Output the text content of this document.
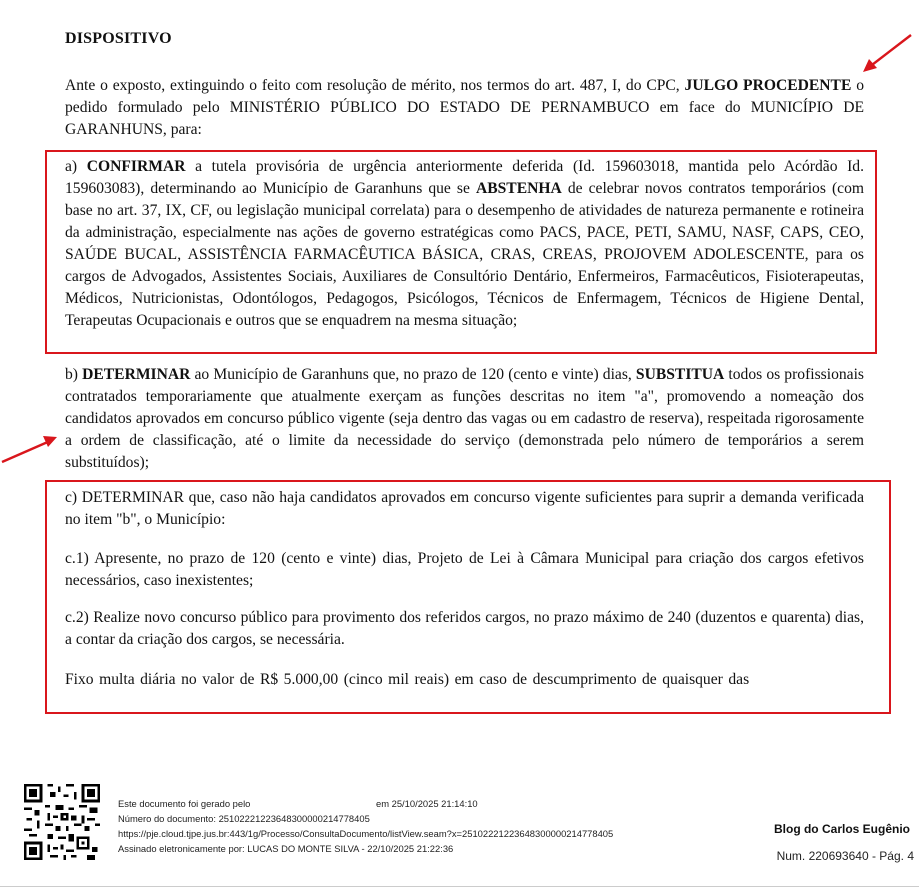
DISPOSITIVO
Ante o exposto, extinguindo o feito com resolução de mérito, nos termos do art. 487, I, do CPC, JULGO PROCEDENTE o pedido formulado pelo MINISTÉRIO PÚBLICO DO ESTADO DE PERNAMBUCO em face do MUNICÍPIO DE GARANHUNS, para:
a) CONFIRMAR a tutela provisória de urgência anteriormente deferida (Id. 159603018, mantida pelo Acórdão Id. 159603083), determinando ao Município de Garanhuns que se ABSTENHA de celebrar novos contratos temporários (com base no art. 37, IX, CF, ou legislação municipal correlata) para o desempenho de atividades de natureza permanente e rotineira da administração, especialmente nas ações de governo estratégicas como PACS, PACE, PETI, SAMU, NASF, CAPS, CEO, SAÚDE BUCAL, ASSISTÊNCIA FARMACÊUTICA BÁSICA, CRAS, CREAS, PROJOVEM ADOLESCENTE, para os cargos de Advogados, Assistentes Sociais, Auxiliares de Consultório Dentário, Enfermeiros, Farmacêuticos, Fisioterapeutas, Médicos, Nutricionistas, Odontólogos, Pedagogos, Psicólogos, Técnicos de Enfermagem, Técnicos de Higiene Dental, Terapeutas Ocupacionais e outros que se enquadrem na mesma situação;
b) DETERMINAR ao Município de Garanhuns que, no prazo de 120 (cento e vinte) dias, SUBSTITUA todos os profissionais contratados temporariamente que atualmente exerçam as funções descritas no item "a", promovendo a nomeação dos candidatos aprovados em concurso público vigente (seja dentro das vagas ou em cadastro de reserva), respeitada rigorosamente a ordem de classificação, até o limite da necessidade do serviço (demonstrada pelo número de temporários a serem substituídos);
c) DETERMINAR que, caso não haja candidatos aprovados em concurso vigente suficientes para suprir a demanda verificada no item "b", o Município:
c.1) Apresente, no prazo de 120 (cento e vinte) dias, Projeto de Lei à Câmara Municipal para criação dos cargos efetivos necessários, caso inexistentes;
c.2) Realize novo concurso público para provimento dos referidos cargos, no prazo máximo de 240 (duzentos e quarenta) dias, a contar da criação dos cargos, se necessária.
Fixo multa diária no valor de R$ 5.000,00 (cinco mil reais) em caso de descumprimento de quaisquer das
Este documento foi gerado pelo	em 25/10/2025 21:14:10
Número do documento: 25102221223648300000214778405
https://pje.cloud.tjpe.jus.br:443/1g/Processo/ConsultaDocumento/listView.seam?x=25102221223648300000214778405
Assinado eletronicamente por: LUCAS DO MONTE SILVA - 22/10/2025 21:22:36
Blog do Carlos Eugênio
Num. 220693640 - Pág. 4
